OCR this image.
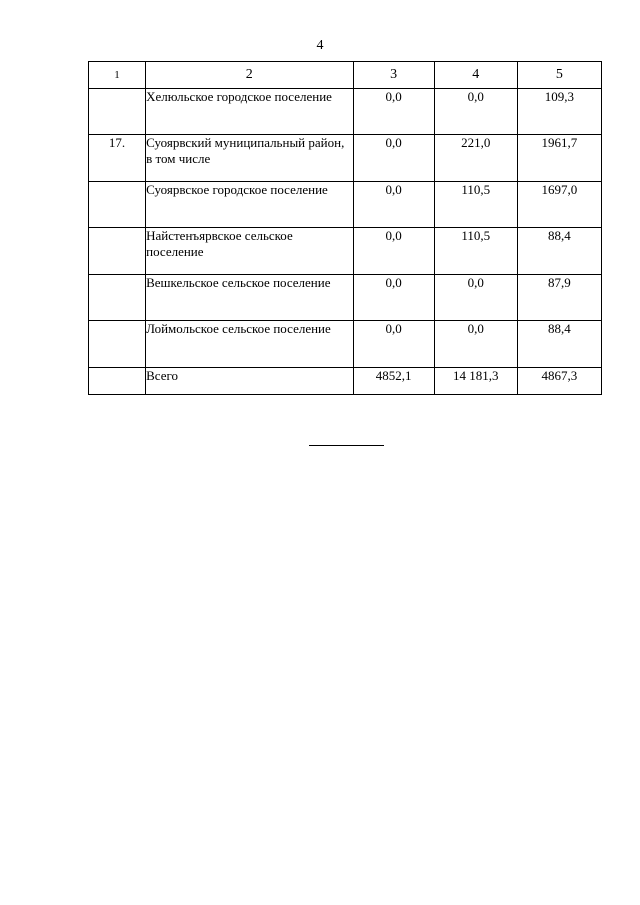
4
1	2	3	4	5
	Хелюльское городское поселение	0,0	0,0	109,3
17.	Суоярвский муниципальный район, в том числе	0,0	221,0	1961,7
	Суоярвское городское поселение	0,0	110,5	1697,0
	Найстенъярвское сельское поселение	0,0	110,5	88,4
	Вешкельское сельское поселение	0,0	0,0	87,9
	Лоймольское сельское поселение	0,0	0,0	88,4
	Всего	4852,1	14 181,3	4867,3
